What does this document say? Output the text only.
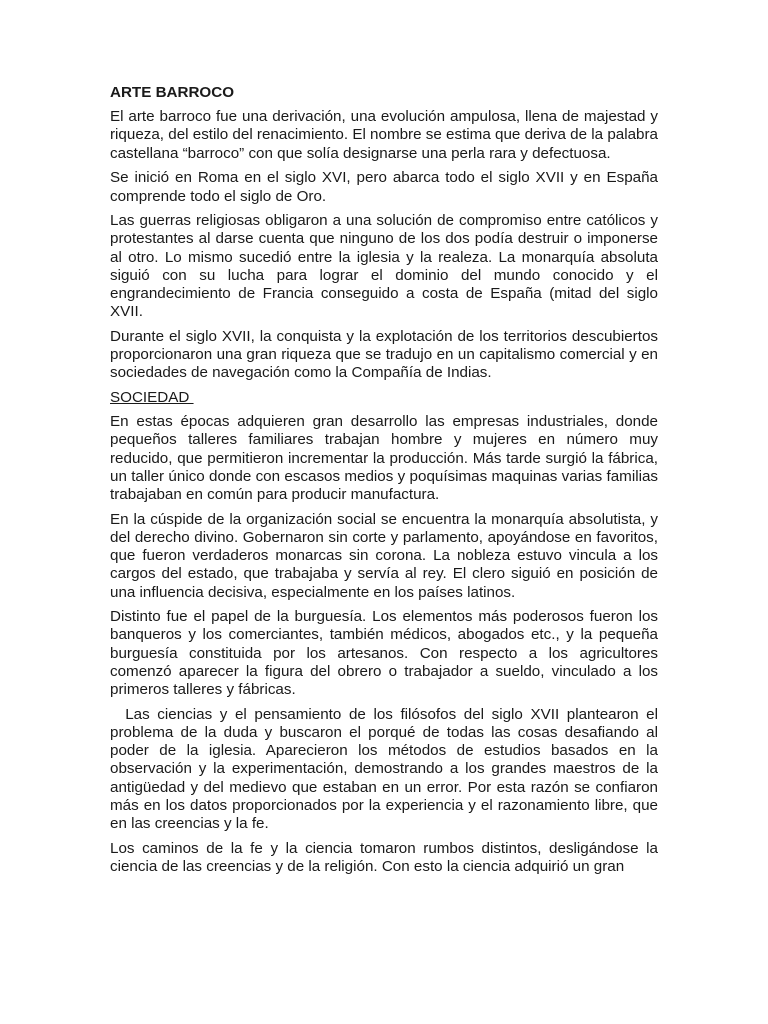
ARTE BARROCO

El arte barroco fue una derivación, una evolución ampulosa, llena de majestad y riqueza, del estilo del renacimiento. El nombre se estima que deriva de la palabra castellana “barroco” con que solía designarse una perla rara y defectuosa.

Se inició en Roma en el siglo XVI, pero abarca todo el siglo XVII y en España comprende todo el siglo de Oro.

Las guerras religiosas obligaron a una solución de compromiso entre católicos y protestantes al darse cuenta que ninguno de los dos podía destruir o imponerse al otro. Lo mismo sucedió entre la iglesia y la realeza. La monarquía absoluta siguió con su lucha para lograr el dominio del mundo conocido y el engrandecimiento de Francia conseguido a costa de España (mitad del siglo XVII.

Durante el siglo XVII, la conquista y la explotación de los territorios descubiertos proporcionaron una gran riqueza que se tradujo en un capitalismo comercial y en sociedades de navegación como la Compañía de Indias.

SOCIEDAD

En estas épocas adquieren gran desarrollo las empresas industriales, donde pequeños talleres familiares trabajan hombre y mujeres en número muy reducido, que permitieron incrementar la producción. Más tarde surgió la fábrica, un taller único donde con escasos medios y poquísimas maquinas varias familias trabajaban en común para producir manufactura.

En la cúspide de la organización social se encuentra la monarquía absolutista, y del derecho divino. Gobernaron sin corte y parlamento, apoyándose en favoritos, que fueron verdaderos monarcas sin corona. La nobleza estuvo vincula a los cargos del estado, que trabajaba y servía al rey. El clero siguió en posición de una influencia decisiva, especialmente en los países latinos.

Distinto fue el papel de la burguesía. Los elementos más poderosos fueron los banqueros y los comerciantes, también médicos, abogados etc., y la pequeña burguesía constituida por los artesanos. Con respecto a los agricultores comenzó aparecer la figura del obrero o trabajador a sueldo, vinculado a los primeros talleres y fábricas.

Las ciencias y el pensamiento de los filósofos del siglo XVII plantearon el problema de la duda y buscaron el porqué de todas las cosas desafiando al poder de la iglesia. Aparecieron los métodos de estudios basados en la observación y la experimentación, demostrando a los grandes maestros de la antigüedad y del medievo que estaban en un error. Por esta razón se confiaron más en los datos proporcionados por la experiencia y el razonamiento libre, que en las creencias y la fe.

Los caminos de la fe y la ciencia tomaron rumbos distintos, desligándose la ciencia de las creencias y de la religión. Con esto la ciencia adquirió un gran
